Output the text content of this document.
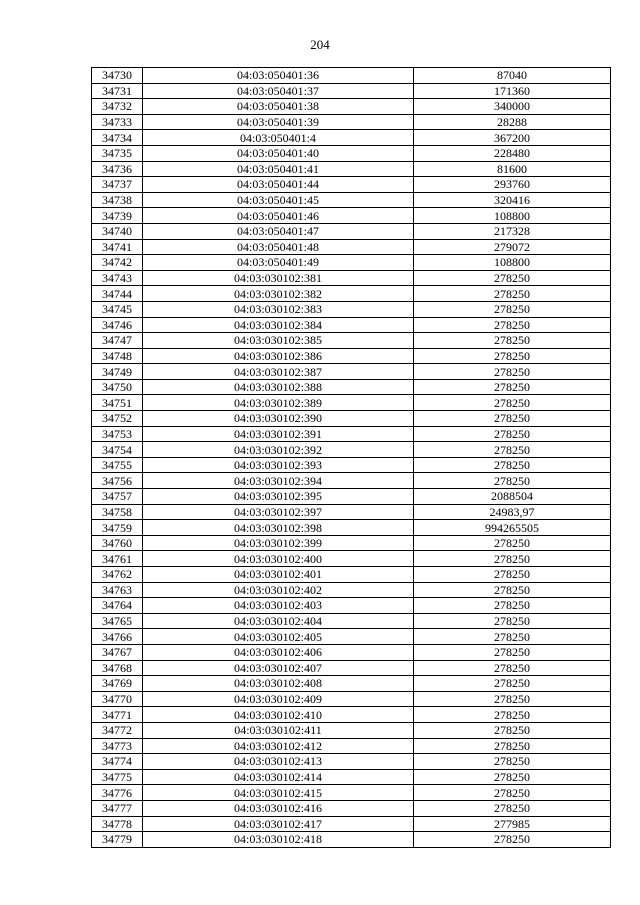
204
34730	04:03:050401:36	87040
34731	04:03:050401:37	171360
34732	04:03:050401:38	340000
34733	04:03:050401:39	28288
34734	04:03:050401:4	367200
34735	04:03:050401:40	228480
34736	04:03:050401:41	81600
34737	04:03:050401:44	293760
34738	04:03:050401:45	320416
34739	04:03:050401:46	108800
34740	04:03:050401:47	217328
34741	04:03:050401:48	279072
34742	04:03:050401:49	108800
34743	04:03:030102:381	278250
34744	04:03:030102:382	278250
34745	04:03:030102:383	278250
34746	04:03:030102:384	278250
34747	04:03:030102:385	278250
34748	04:03:030102:386	278250
34749	04:03:030102:387	278250
34750	04:03:030102:388	278250
34751	04:03:030102:389	278250
34752	04:03:030102:390	278250
34753	04:03:030102:391	278250
34754	04:03:030102:392	278250
34755	04:03:030102:393	278250
34756	04:03:030102:394	278250
34757	04:03:030102:395	2088504
34758	04:03:030102:397	24983,97
34759	04:03:030102:398	994265505
34760	04:03:030102:399	278250
34761	04:03:030102:400	278250
34762	04:03:030102:401	278250
34763	04:03:030102:402	278250
34764	04:03:030102:403	278250
34765	04:03:030102:404	278250
34766	04:03:030102:405	278250
34767	04:03:030102:406	278250
34768	04:03:030102:407	278250
34769	04:03:030102:408	278250
34770	04:03:030102:409	278250
34771	04:03:030102:410	278250
34772	04:03:030102:411	278250
34773	04:03:030102:412	278250
34774	04:03:030102:413	278250
34775	04:03:030102:414	278250
34776	04:03:030102:415	278250
34777	04:03:030102:416	278250
34778	04:03:030102:417	277985
34779	04:03:030102:418	278250
